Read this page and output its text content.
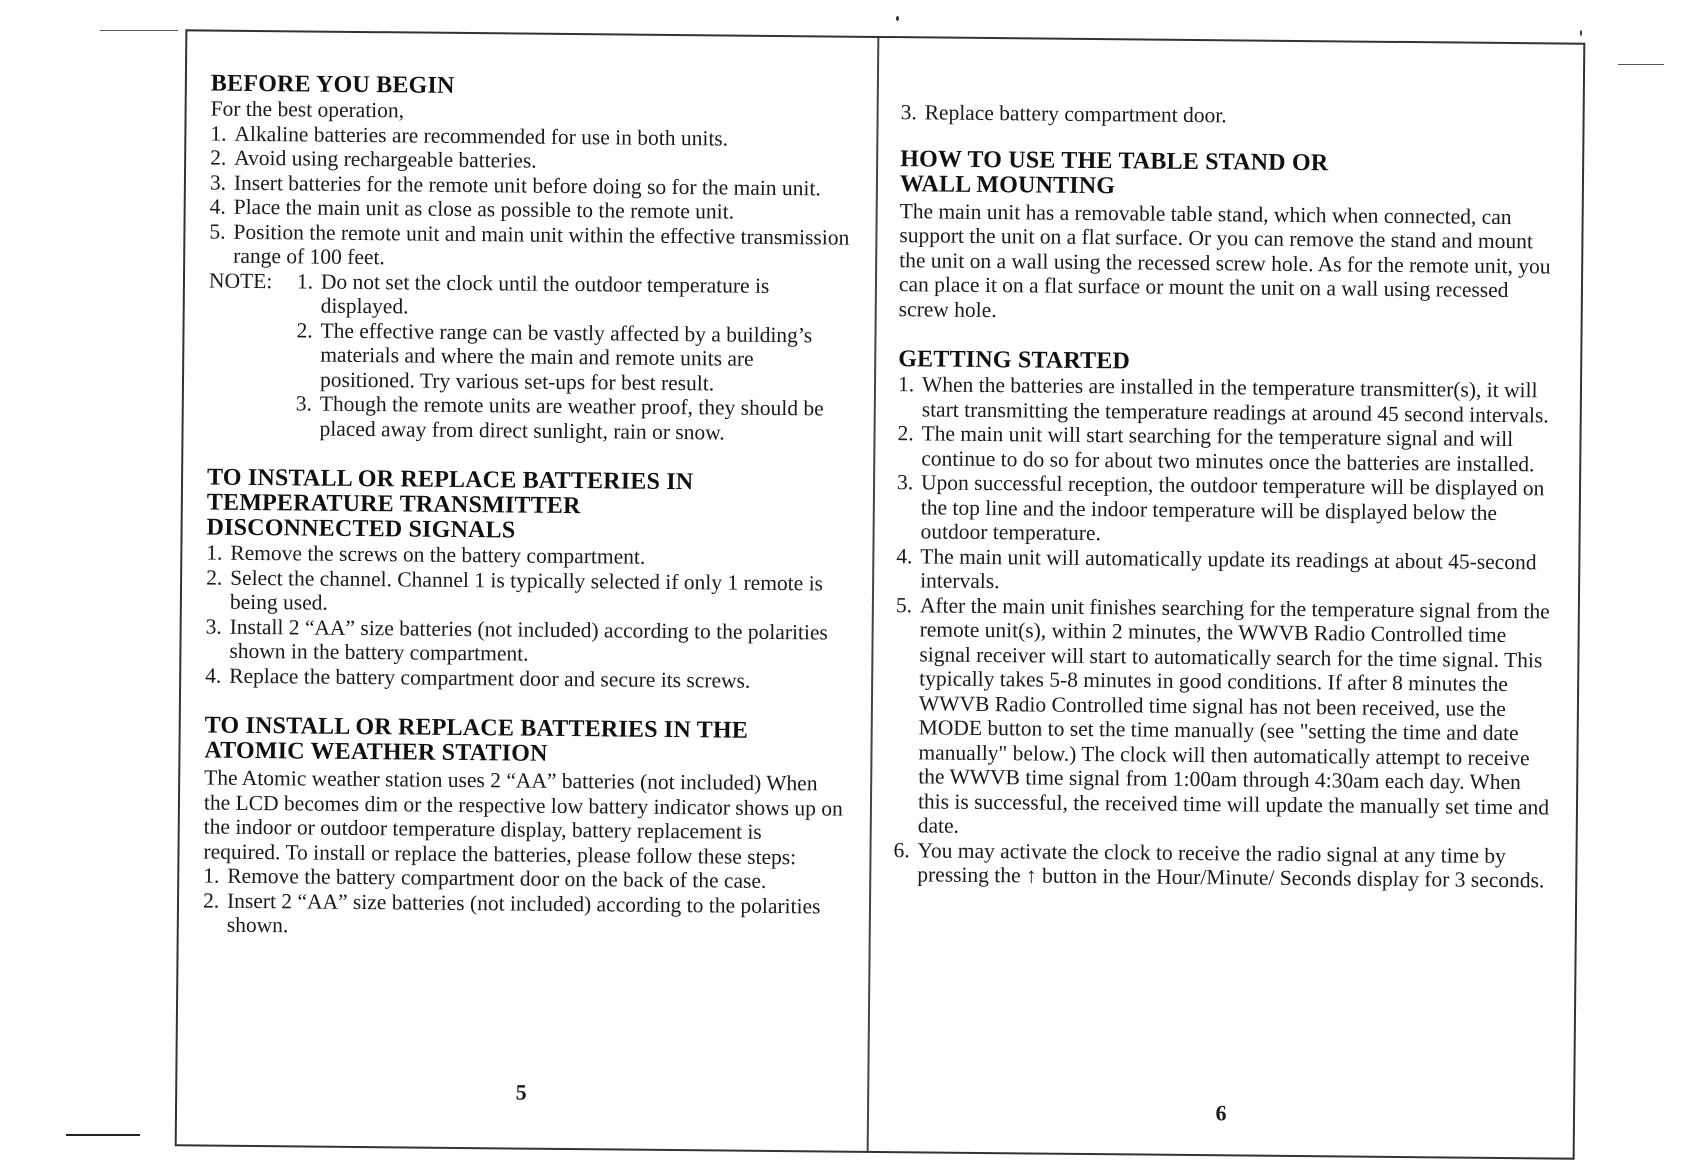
BEFORE YOU BEGIN

For the best operation,

1. Alkaline batteries are recommended for use in both units.
2. Avoid using rechargeable batteries.
3. Insert batteries for the remote unit before doing so for the main unit.
4. Place the main unit as close as possible to the remote unit.
5. Position the remote unit and main unit within the effective transmission range of 100 feet.
NOTE:	1. Do not set the clock until the outdoor temperature is displayed.
2. The effective range can be vastly affected by a building’s materials and where the main and remote units are positioned. Try various set-ups for best result.
3. Though the remote units are weather proof, they should be placed away from direct sunlight, rain or snow.
TO INSTALL OR REPLACE BATTERIES IN
TEMPERATURE TRANSMITTER
DISCONNECTED SIGNALS
1. Remove the screws on the battery compartment.
2. Select the channel. Channel 1 is typically selected if only 1 remote is being used.
3. Install 2 “AA” size batteries (not included) according to the polarities shown in the battery compartment.
4. Replace the battery compartment door and secure its screws.
TO INSTALL OR REPLACE BATTERIES IN THE
ATOMIC WEATHER STATION

The Atomic weather station uses 2 “AA” batteries (not included) When the LCD becomes dim or the respective low battery indicator shows up on the indoor or outdoor temperature display, battery replacement is required. To install or replace the batteries, please follow these steps:

1. Remove the battery compartment door on the back of the case.
2. Insert 2 “AA” size batteries (not included) according to the polarities shown.
5
3. Replace battery compartment door.
HOW TO USE THE TABLE STAND OR
WALL MOUNTING

The main unit has a removable table stand, which when connected, can support the unit on a flat surface. Or you can remove the stand and mount the unit on a wall using the recessed screw hole. As for the remote unit, you can place it on a flat surface or mount the unit on a wall using recessed screw hole.

GETTING STARTED
1. When the batteries are installed in the temperature transmitter(s), it will start transmitting the temperature readings at around 45 second intervals.
2. The main unit will start searching for the temperature signal and will continue to do so for about two minutes once the batteries are installed.
3. Upon successful reception, the outdoor temperature will be displayed on the top line and the indoor temperature will be displayed below the outdoor temperature.
4. The main unit will automatically update its readings at about 45-second intervals.
5. After the main unit finishes searching for the temperature signal from the remote unit(s), within 2 minutes, the WWVB Radio Controlled time signal receiver will start to automatically search for the time signal. This typically takes 5-8 minutes in good conditions. If after 8 minutes the WWVB Radio Controlled time signal has not been received, use the MODE button to set the time manually (see "setting the time and date manually" below.) The clock will then automatically attempt to receive the WWVB time signal from 1:00am through 4:30am each day. When this is successful, the received time will update the manually set time and date.
6. You may activate the clock to receive the radio signal at any time by pressing the ↑ button in the Hour/Minute/ Seconds display for 3 seconds.
6
